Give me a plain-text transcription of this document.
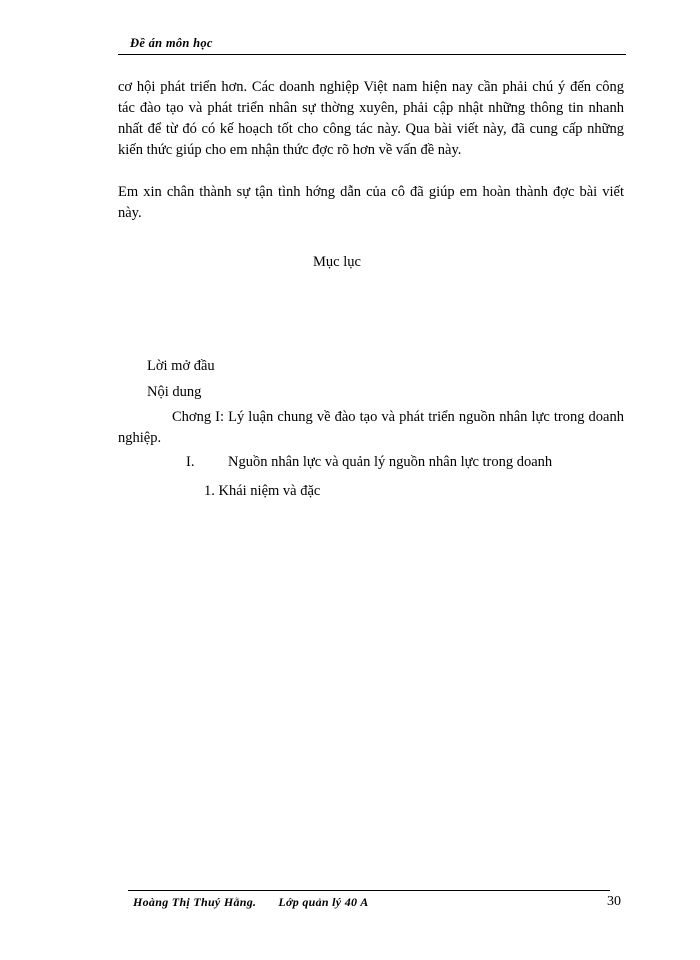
Đề án môn học

cơ hội phát triển hơn. Các doanh nghiệp Việt nam hiện nay cần phải chú ý đến công tác đào tạo và phát triển nhân sự thờng xuyên, phải cập nhật những thông tin nhanh nhất để từ đó có kế hoạch tốt cho công tác này. Qua bài viết này, đã cung cấp những kiến thức giúp cho em nhận thức đợc rõ hơn về vấn đề này.

Em xin chân thành sự tận tình hớng dẫn của cô đã giúp em hoàn thành đợc bài viết này.

Mục lục

Lời mở đầu

Nội dung

Chơng I: Lý luận chung về đào tạo và phát triển nguồn nhân lực trong doanh nghiệp.

I. Nguồn nhân lực và quản lý nguồn nhân lực trong doanh

1. Khái niệm và đặc

Hoàng Thị Thuý Hằng. Lớp quản lý 40 A	30
